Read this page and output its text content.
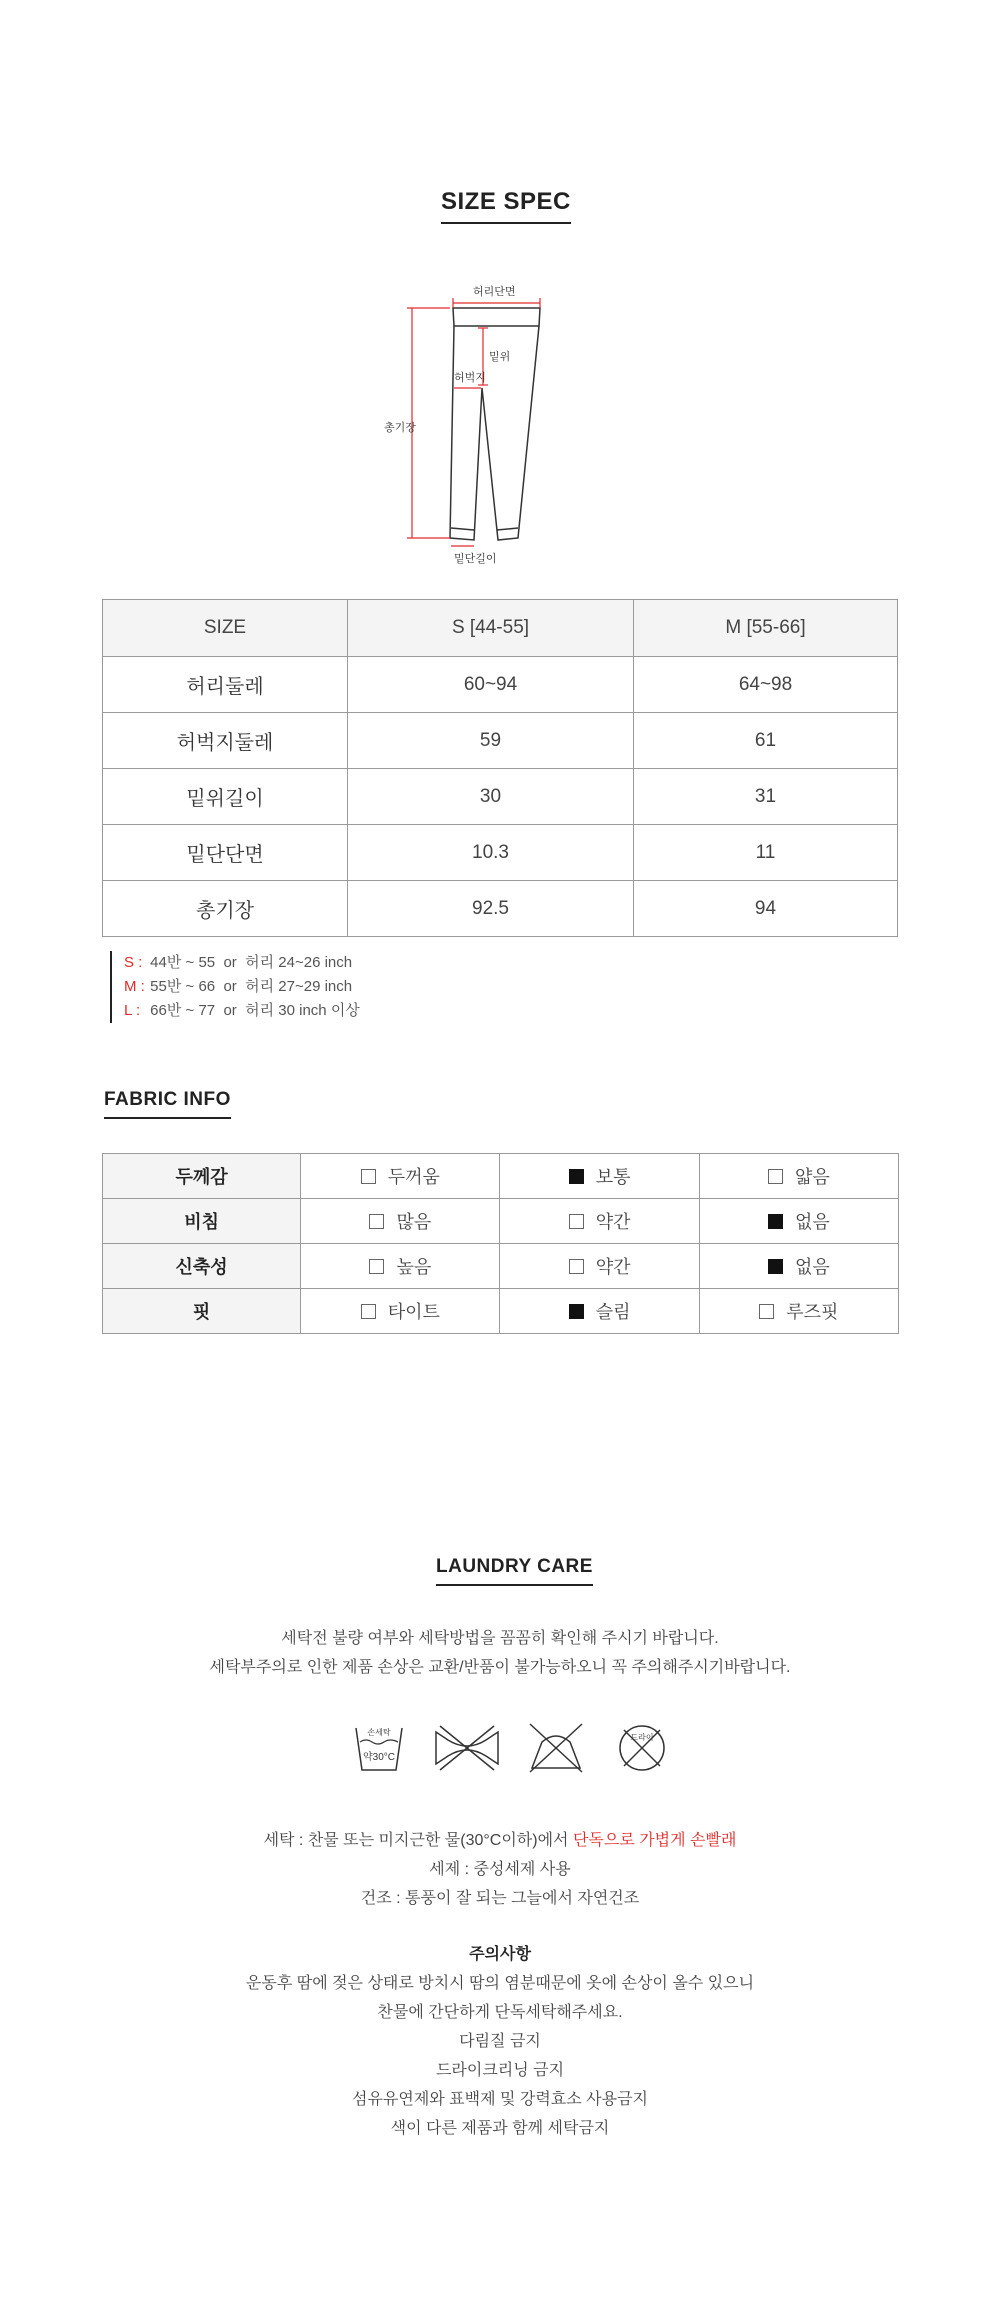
SIZE SPEC
허리단면
밑위
허벅지
총기장
밑단길이
SIZE	S [44-55]	M [55-66]
허리둘레	60~94	64~98
허벅지둘레	59	61
밑위길이	30	31
밑단단면	10.3	11
총기장	92.5	94
S : 44반 ~ 55  or  허리 24~26 inch
M : 55반 ~ 66  or  허리 27~29 inch
L : 66반 ~ 77  or  허리 30 inch 이상
FABRIC INFO
두께감	두꺼움	보통	얇음
비침	많음	약간	없음
신축성	높음	약간	없음
핏	타이트	슬림	루즈핏
LAUNDRY CARE
세탁전 불량 여부와 세탁방법을 꼼꼼히 확인해 주시기 바랍니다.
세탁부주의로 인한 제품 손상은 교환/반품이 불가능하오니 꼭 주의해주시기바랍니다.
손세탁
약30°C
드라이
세탁 : 찬물 또는 미지근한 물(30°C이하)에서 단독으로 가볍게 손빨래
세제 : 중성세제 사용
건조 : 통풍이 잘 되는 그늘에서 자연건조
주의사항
운동후 땀에 젖은 상태로 방치시 땀의 염분때문에 옷에 손상이 올수 있으니
찬물에 간단하게 단독세탁해주세요.
다림질 금지
드라이크리닝 금지
섬유유연제와 표백제 및 강력효소 사용금지
색이 다른 제품과 함께 세탁금지
